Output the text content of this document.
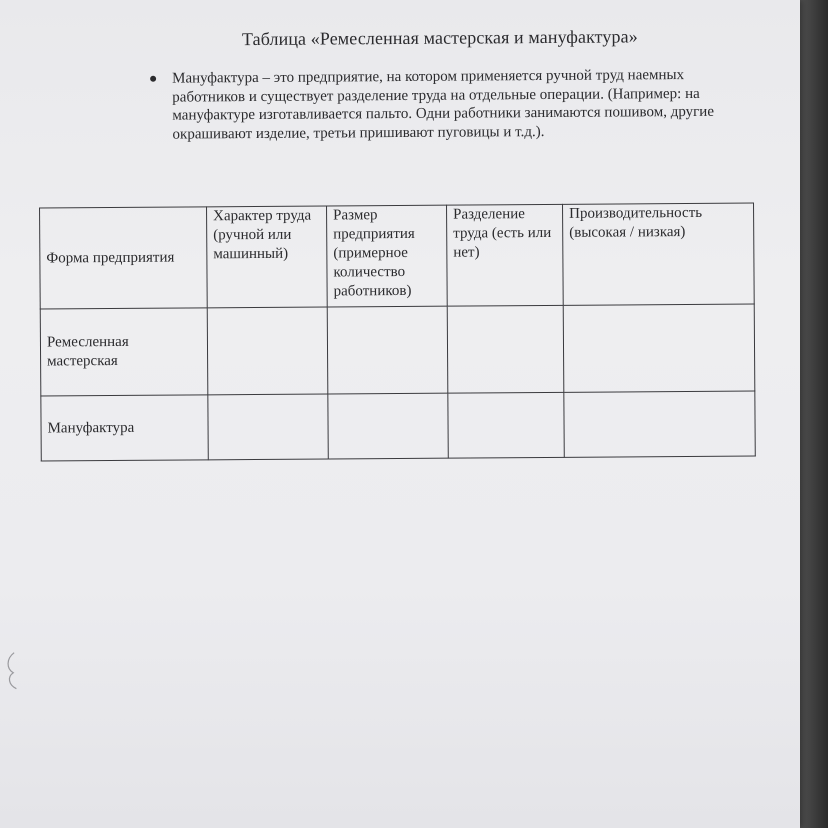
Таблица «Ремесленная мастерская и мануфактура»
Мануфактура – это предприятие, на котором применяется ручной труд наемных работников и существует разделение труда на отдельные операции. (Например: на мануфактуре изготавливается пальто. Одни работники занимаются пошивом, другие окрашивают изделие, третьи пришивают пуговицы и т.д.).
Форма предприятия	Характер труда (ручной или машинный)	Размер предприятия (примерное количество работников)	Разделение труда (есть или нет)	Производительность (высокая / низкая)
Ремесленная мастерская				
Мануфактура				
